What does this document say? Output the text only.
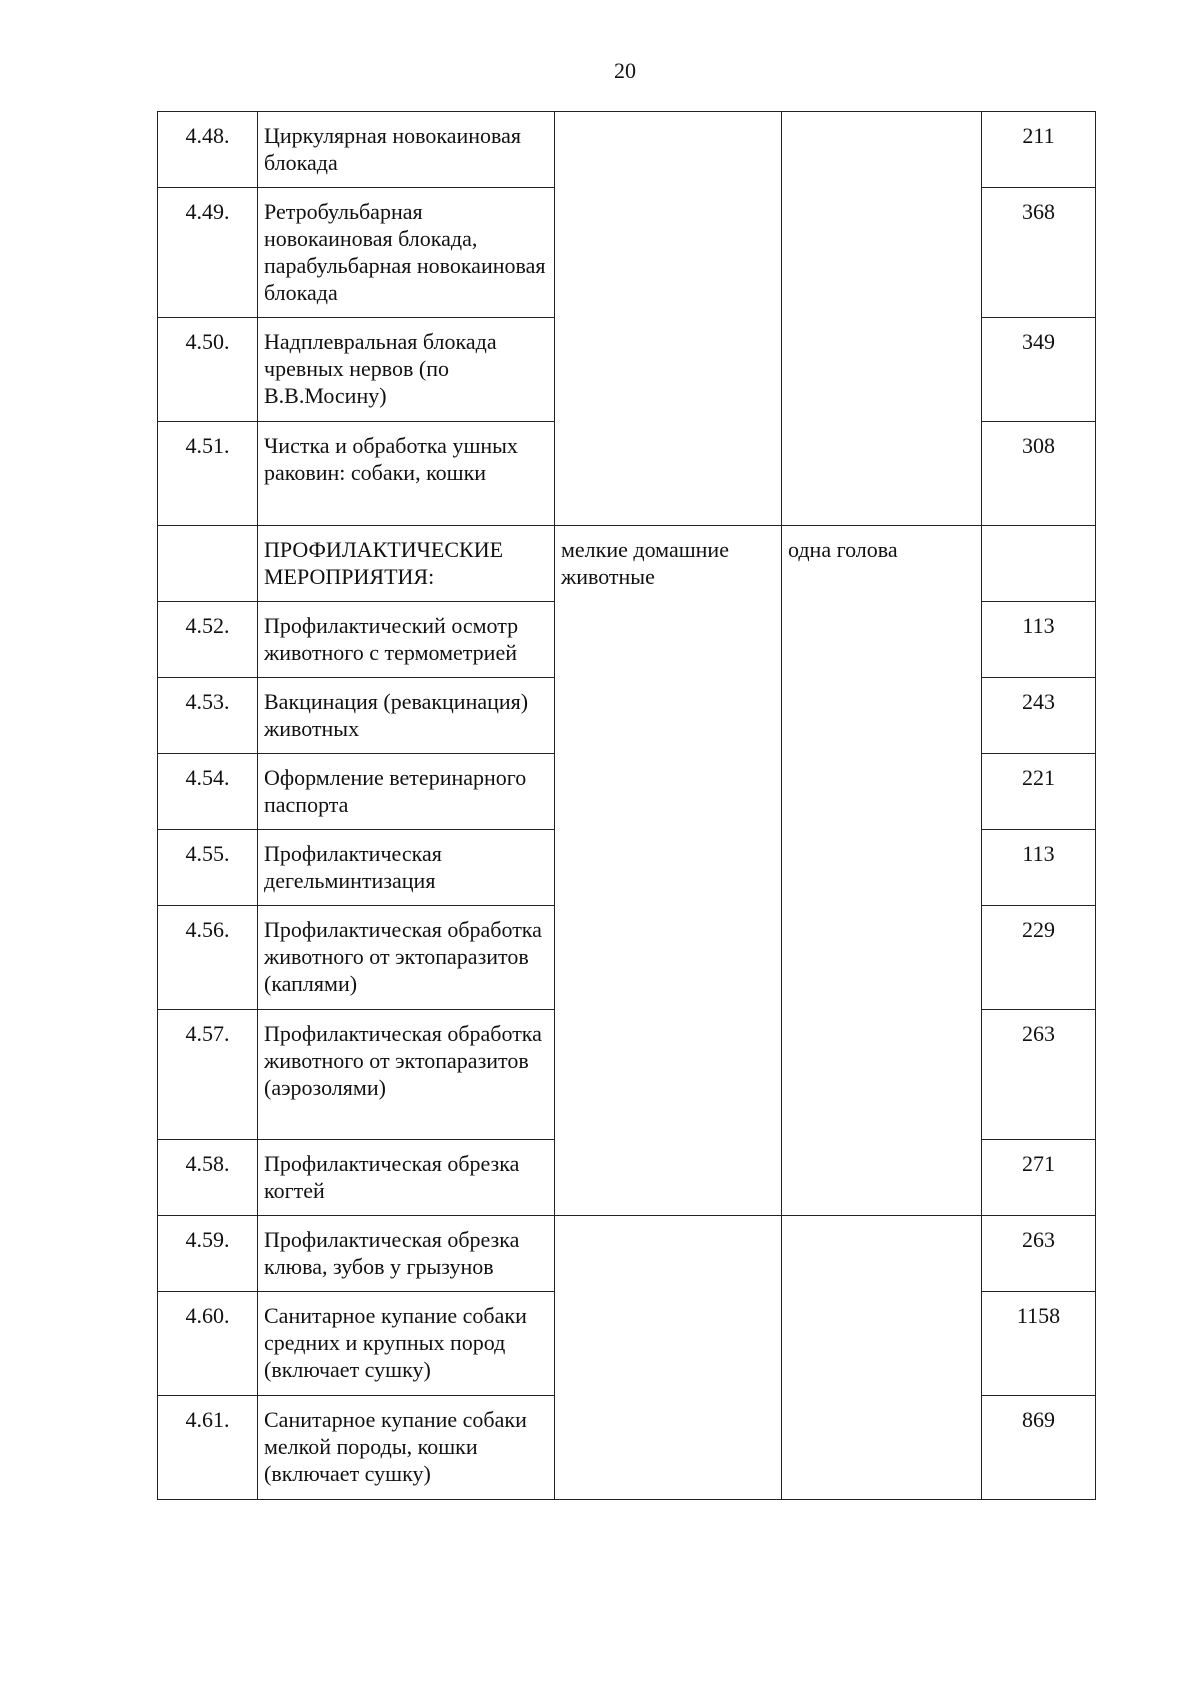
20
4.48.	Циркулярная новокаиновая блокада			211
4.49.	Ретробульбарная новокаиновая блокада, парабульбарная новокаиновая блокада			368
4.50.	Надплевральная блокада чревных нервов (по В.В.Мосину)			349
4.51.	Чистка и обработка ушных раковин: собаки, кошки			308
	ПРОФИЛАКТИЧЕСКИЕ МЕРОПРИЯТИЯ:	мелкие домашние животные	одна голова	
4.52.	Профилактический осмотр животного с термометрией			113
4.53.	Вакцинация (ревакцинация) животных			243
4.54.	Оформление ветеринарного паспорта			221
4.55.	Профилактическая дегельминтизация			113
4.56.	Профилактическая обработка животного от эктопаразитов (каплями)			229
4.57.	Профилактическая обработка животного от эктопаразитов (аэрозолями)			263
4.58.	Профилактическая обрезка когтей			271
4.59.	Профилактическая обрезка клюва, зубов у грызунов			263
4.60.	Санитарное купание собаки средних и крупных пород (включает сушку)			1158
4.61.	Санитарное купание собаки мелкой породы, кошки (включает сушку)			869
